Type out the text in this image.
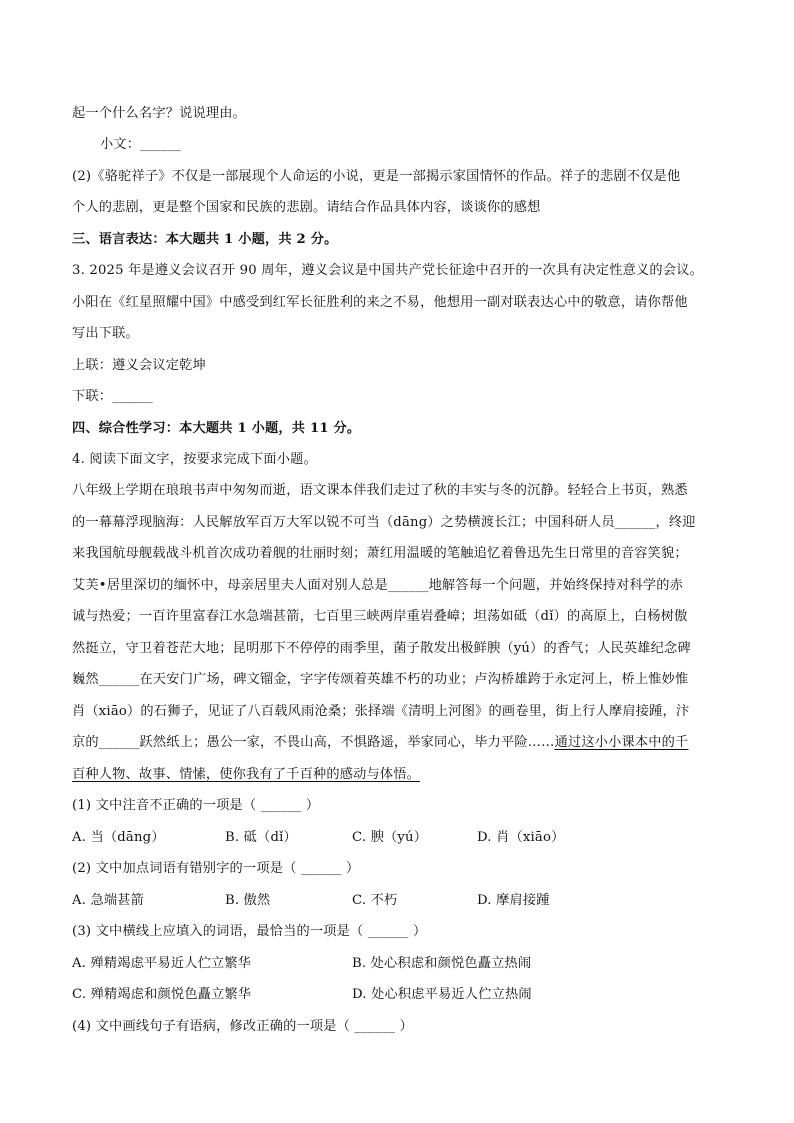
起一个什么名字？说说理由。
小文：______
(2)《骆驼祥子》不仅是一部展现个人命运的小说，更是一部揭示家国情怀的作品。祥子的悲剧不仅是他
个人的悲剧，更是整个国家和民族的悲剧。请结合作品具体内容，谈谈你的感想
三、语言表达：本大题共 1 小题，共 2 分。
3. 2025 年是遵义会议召开 90 周年，遵义会议是中国共产党长征途中召开的一次具有决定性意义的会议。
小阳在《红星照耀中国》中感受到红军长征胜利的来之不易，他想用一副对联表达心中的敬意，请你帮他
写出下联。
上联：遵义会议定乾坤
下联：______
四、综合性学习：本大题共 1 小题，共 11 分。
4. 阅读下面文字，按要求完成下面小题。
八年级上学期在琅琅书声中匆匆而逝，语文课本伴我们走过了秋的丰实与冬的沉静。轻轻合上书页，熟悉
的一幕幕浮现脑海：人民解放军百万大军以锐不可当（dāng）之势横渡长江；中国科研人员______，终迎
来我国航母舰载战斗机首次成功着舰的壮丽时刻；萧红用温暖的笔触追忆着鲁迅先生日常里的音容笑貌；
艾芙•居里深切的缅怀中，母亲居里夫人面对别人总是______地解答每一个问题，并始终保持对科学的赤
诚与热爱；一百许里富春江水急端甚箭，七百里三峡两岸重岩叠嶂；坦荡如砥（dǐ）的高原上，白杨树傲
然挺立，守卫着苍茫大地；昆明那下不停停的雨季里，菌子散发出极鲜腴（yú）的香气；人民英雄纪念碑
巍然______在天安门广场，碑文镏金，字字传颂着英雄不朽的功业；卢沟桥雄跨于永定河上，桥上惟妙惟
肖（xiāo）的石狮子，见证了八百载风雨沧桑；张择端《清明上河图》的画卷里，街上行人摩肩接踵，汴
京的______跃然纸上；愚公一家，不畏山高，不惧路遥，举家同心，毕力平险……通过这小小课本中的千
百种人物、故事、情愫，使你我有了千百种的感动与体悟。
(1) 文中注音不正确的一项是（ ______ ）
A. 当（dāng）	B. 砥（dǐ）	C. 腴（yú）	D. 肖（xiāo）
(2) 文中加点词语有错别字的一项是（ ______ ）
A. 急端甚箭	B. 傲然	C. 不朽	D. 摩肩接踵
(3) 文中横线上应填入的词语，最恰当的一项是（ ______ ）
A. 殚精竭虑平易近人伫立繁华	B. 处心积虑和颜悦色矗立热闹
C. 殚精竭虑和颜悦色矗立繁华	D. 处心积虑平易近人伫立热闹
(4) 文中画线句子有语病，修改正确的一项是（ ______ ）
